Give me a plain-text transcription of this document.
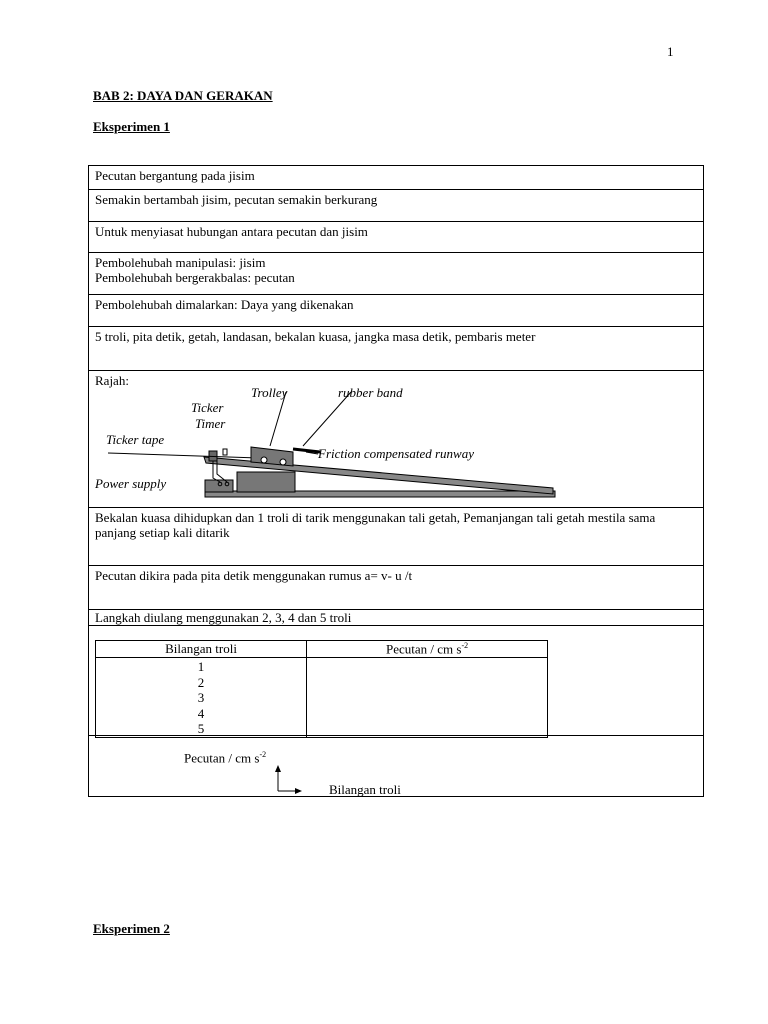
1
BAB 2: DAYA DAN GERAKAN
Eksperimen 1
Pecutan bergantung pada jisim
Semakin bertambah jisim, pecutan semakin berkurang
Untuk menyiasat hubungan antara pecutan dan jisim
Pembolehubah manipulasi: jisim
Pembolehubah bergerakbalas: pecutan
Pembolehubah dimalarkan: Daya yang dikenakan
5 troli, pita detik, getah, landasan, bekalan kuasa, jangka masa detik, pembaris meter
Rajah:
Bekalan kuasa dihidupkan dan 1 troli di tarik menggunakan tali getah, Pemanjangan tali getah mestila sama panjang setiap kali ditarik
Pecutan dikira pada pita detik menggunakan rumus a= v- u /t
Langkah diulang menggunakan 2, 3, 4 dan 5 troli
Trolley	rubber band
Ticker
Timer
Ticker tape
Friction compensated runway
Power supply
Bilangan troli	Pecutan / cm $s^{-2}$

1
2
3
4
5	

Pecutan / cm $s^{-2}$
Bilangan troli
Eksperimen 2
